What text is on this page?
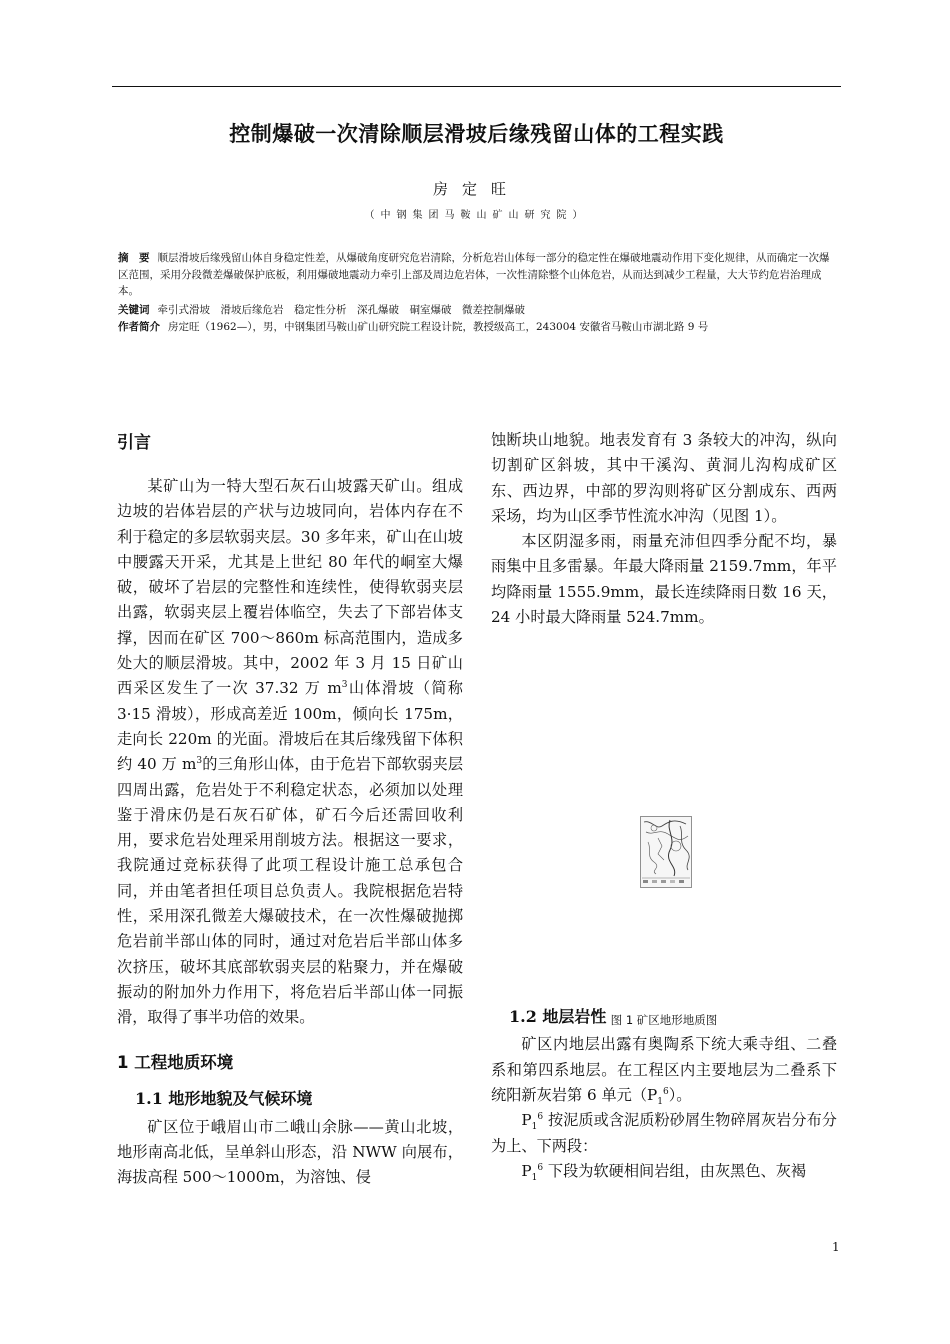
控制爆破一次清除顺层滑坡后缘残留山体的工程实践
房定旺
（中钢集团马鞍山矿山研究院）
摘　要 顺层滑坡后缘残留山体自身稳定性差，从爆破角度研究危岩清除，分析危岩山体每一部分的稳定性在爆破地震动作用下变化规律，从而确定一次爆区范围，采用分段微差爆破保护底板，利用爆破地震动力牵引上部及周边危岩体，一次性清除整个山体危岩，从而达到减少工程量，大大节约危岩治理成本。
关键词 牵引式滑坡　滑坡后缘危岩　稳定性分析　深孔爆破　硐室爆破　微差控制爆破
作者简介 房定旺（1962—），男，中钢集团马鞍山矿山研究院工程设计院，教授级高工，243004 安徽省马鞍山市湖北路 9 号
引言

某矿山为一特大型石灰石山坡露天矿山。组成边坡的岩体岩层的产状与边坡同向，岩体内存在不利于稳定的多层软弱夹层。30 多年来，矿山在山坡中腰露天开采，尤其是上世纪 80 年代的峒室大爆破，破坏了岩层的完整性和连续性，使得软弱夹层出露，软弱夹层上覆岩体临空，失去了下部岩体支撑，因而在矿区 700～860m 标高范围内，造成多处大的顺层滑坡。其中，2002 年 3 月 15 日矿山西采区发生了一次 37.32 万 $m^3$山体滑坡（简称 3·15 滑坡），形成高差近 100m，倾向长 175m，走向长 220m 的光面。滑坡后在其后缘残留下体积约 40 万 $m^3$的三角形山体，由于危岩下部软弱夹层四周出露，危岩处于不利稳定状态，必须加以处理鉴于滑床仍是石灰石矿体，矿石今后还需回收利用，要求危岩处理采用削坡方法。根据这一要求，我院通过竞标获得了此项工程设计施工总承包合同，并由笔者担任项目总负责人。我院根据危岩特性，采用深孔微差大爆破技术，在一次性爆破抛掷危岩前半部山体的同时，通过对危岩后半部山体多次挤压，破坏其底部软弱夹层的粘聚力，并在爆破振动的附加外力作用下，将危岩后半部山体一同振滑，取得了事半功倍的效果。

1 工程地质环境
1.1 地形地貌及气候环境

矿区位于峨眉山市二峨山余脉——黄山北坡，地形南高北低，呈单斜山形态，沿 NWW 向展布，海拔高程 500～1000m，为溶蚀、侵

蚀断块山地貌。地表发育有 3 条较大的冲沟，纵向切割矿区斜坡，其中干溪沟、黄洞儿沟构成矿区东、西边界，中部的罗沟则将矿区分割成东、西两采场，均为山区季节性流水冲沟（见图 1）。

本区阴湿多雨，雨量充沛但四季分配不均，暴雨集中且多雷暴。年最大降雨量 2159.7mm，年平均降雨量 1555.9mm，最长连续降雨日数 16 天，24 小时最大降雨量 524.7mm。

图 1 矿区地形地质图
1.2 地层岩性

矿区内地层出露有奥陶系下统大乘寺组、二叠系和第四系地层。在工程区内主要地层为二叠系下统阳新灰岩第 6 单元$(P_1^6)$。

$P_1^6$ 按泥质或含泥质粉砂屑生物碎屑灰岩分布分为上、下两段：

$P_1^6$ 下段为软硬相间岩组，由灰黑色、灰褐

1
